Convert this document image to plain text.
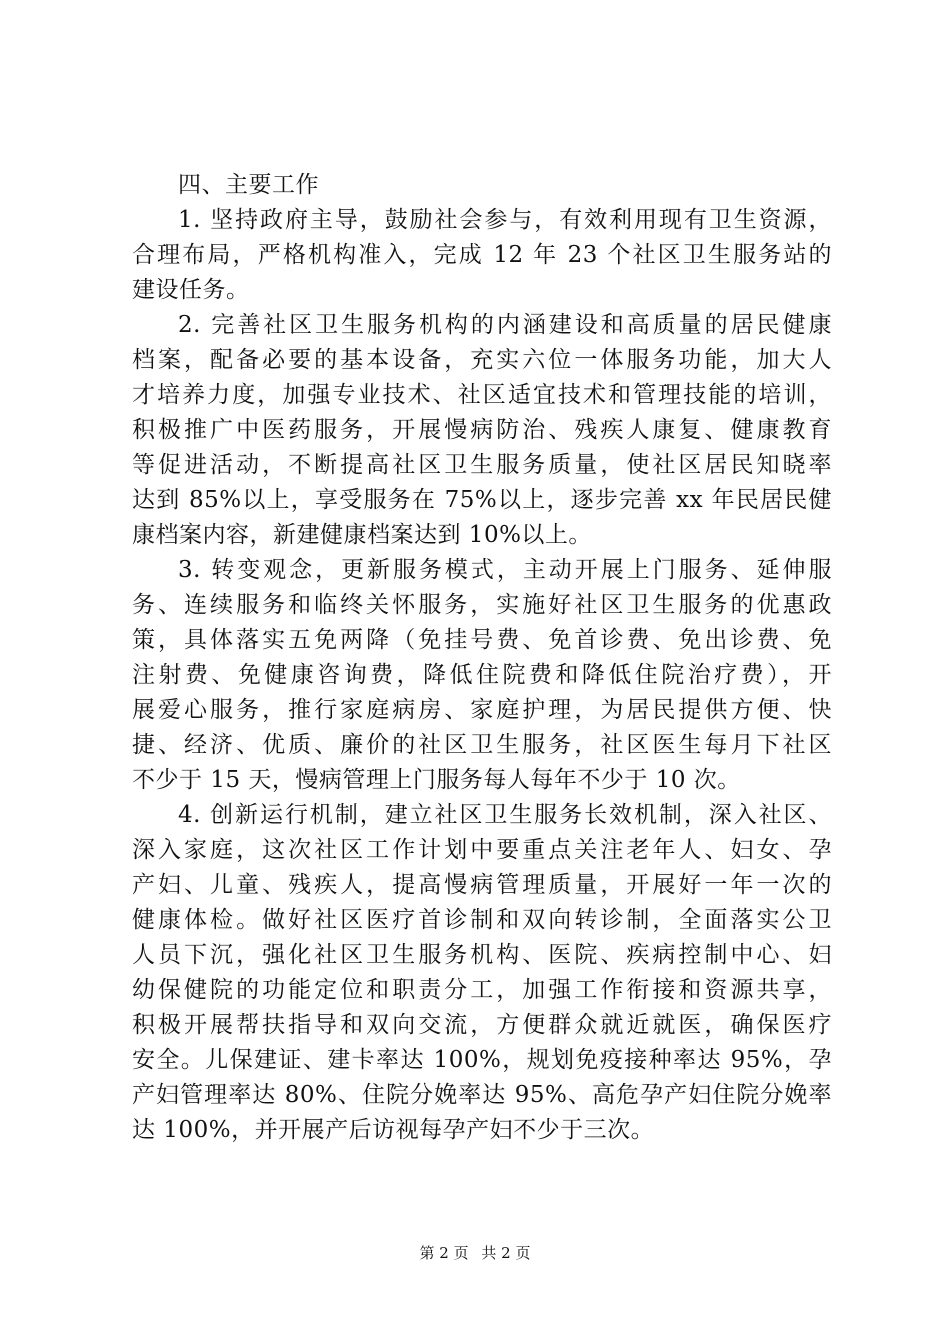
四、主要工作
1. 坚持政府主导，鼓励社会参与，有效利用现有卫生资源，
合理布局，严格机构准入，完成 12 年 23 个社区卫生服务站的
建设任务。
2. 完善社区卫生服务机构的内涵建设和高质量的居民健康
档案，配备必要的基本设备，充实六位一体服务功能，加大人
才培养力度，加强专业技术、社区适宜技术和管理技能的培训，
积极推广中医药服务，开展慢病防治、残疾人康复、健康教育
等促进活动，不断提高社区卫生服务质量，使社区居民知晓率
达到 85%以上，享受服务在 75%以上，逐步完善 xx 年民居民健
康档案内容，新建健康档案达到 10%以上。
3. 转变观念，更新服务模式，主动开展上门服务、延伸服
务、连续服务和临终关怀服务，实施好社区卫生服务的优惠政
策，具体落实五免两降（免挂号费、免首诊费、免出诊费、免
注射费、免健康咨询费，降低住院费和降低住院治疗费），开
展爱心服务，推行家庭病房、家庭护理，为居民提供方便、快
捷、经济、优质、廉价的社区卫生服务，社区医生每月下社区
不少于 15 天，慢病管理上门服务每人每年不少于 10 次。
4. 创新运行机制，建立社区卫生服务长效机制，深入社区、
深入家庭，这次社区工作计划中要重点关注老年人、妇女、孕
产妇、儿童、残疾人，提高慢病管理质量，开展好一年一次的
健康体检。做好社区医疗首诊制和双向转诊制，全面落实公卫
人员下沉，强化社区卫生服务机构、医院、疾病控制中心、妇
幼保健院的功能定位和职责分工，加强工作衔接和资源共享，
积极开展帮扶指导和双向交流，方便群众就近就医，确保医疗
安全。儿保建证、建卡率达 100%，规划免疫接种率达 95%，孕
产妇管理率达 80%、住院分娩率达 95%、高危孕产妇住院分娩率
达 100%，并开展产后访视每孕产妇不少于三次。
第 2 页 共 2 页
